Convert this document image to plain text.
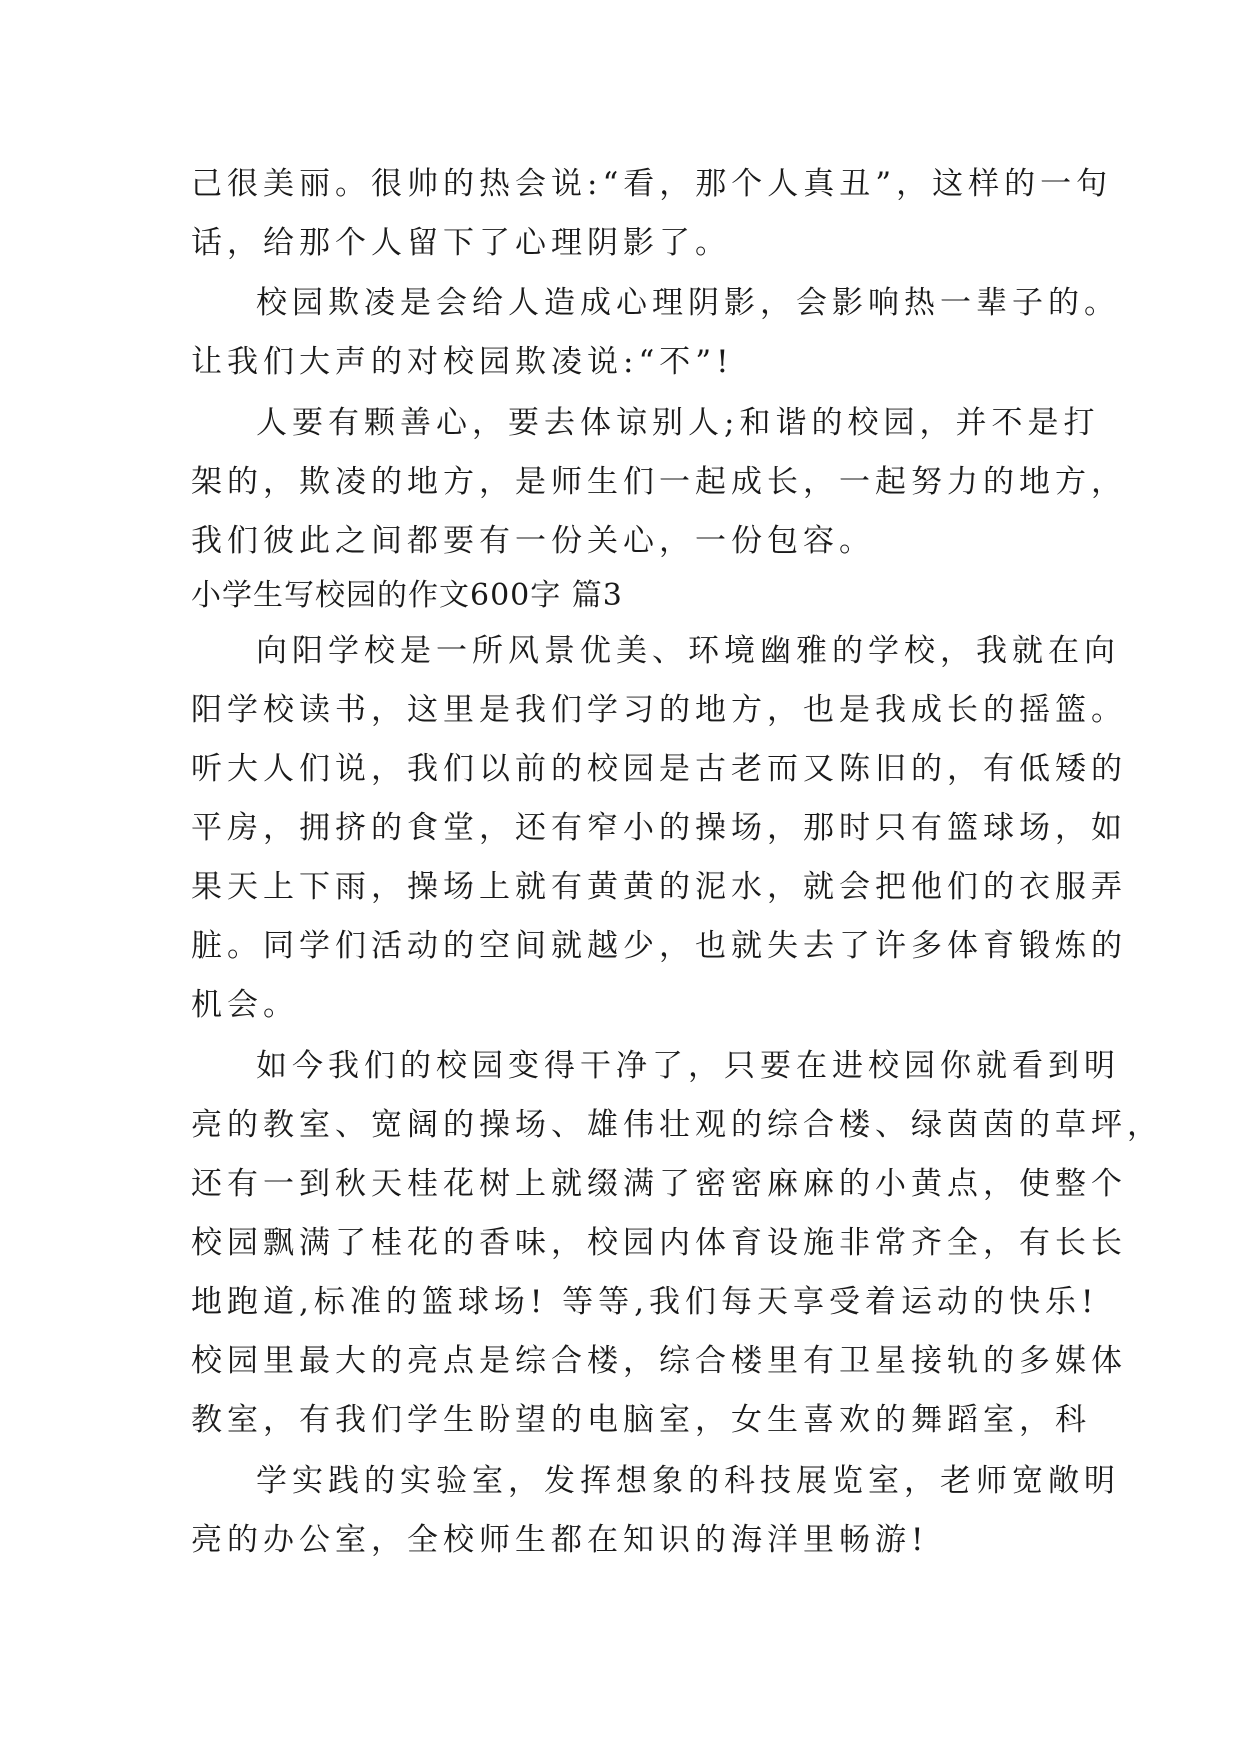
己很美丽。很帅的热会说:“看，那个人真丑”，这样的一句
话，给那个人留下了心理阴影了。
校园欺凌是会给人造成心理阴影，会影响热一辈子的。
让我们大声的对校园欺凌说:“不”!
人要有颗善心，要去体谅别人;和谐的校园，并不是打
架的，欺凌的地方，是师生们一起成长，一起努力的地方，
我们彼此之间都要有一份关心，一份包容。
小学生写校园的作文600字 篇3
向阳学校是一所风景优美、环境幽雅的学校，我就在向
阳学校读书，这里是我们学习的地方，也是我成长的摇篮。
听大人们说，我们以前的校园是古老而又陈旧的，有低矮的
平房，拥挤的食堂，还有窄小的操场，那时只有篮球场，如
果天上下雨，操场上就有黄黄的泥水，就会把他们的衣服弄
脏。同学们活动的空间就越少，也就失去了许多体育锻炼的
机会。
如今我们的校园变得干净了，只要在进校园你就看到明
亮的教室、宽阔的操场、雄伟壮观的综合楼、绿茵茵的草坪，
还有一到秋天桂花树上就缀满了密密麻麻的小黄点，使整个
校园飘满了桂花的香味，校园内体育设施非常齐全，有长长
地跑道,标准的篮球场! 等等,我们每天享受着运动的快乐!
校园里最大的亮点是综合楼，综合楼里有卫星接轨的多媒体
教室，有我们学生盼望的电脑室，女生喜欢的舞蹈室，科
学实践的实验室，发挥想象的科技展览室，老师宽敞明
亮的办公室，全校师生都在知识的海洋里畅游!
